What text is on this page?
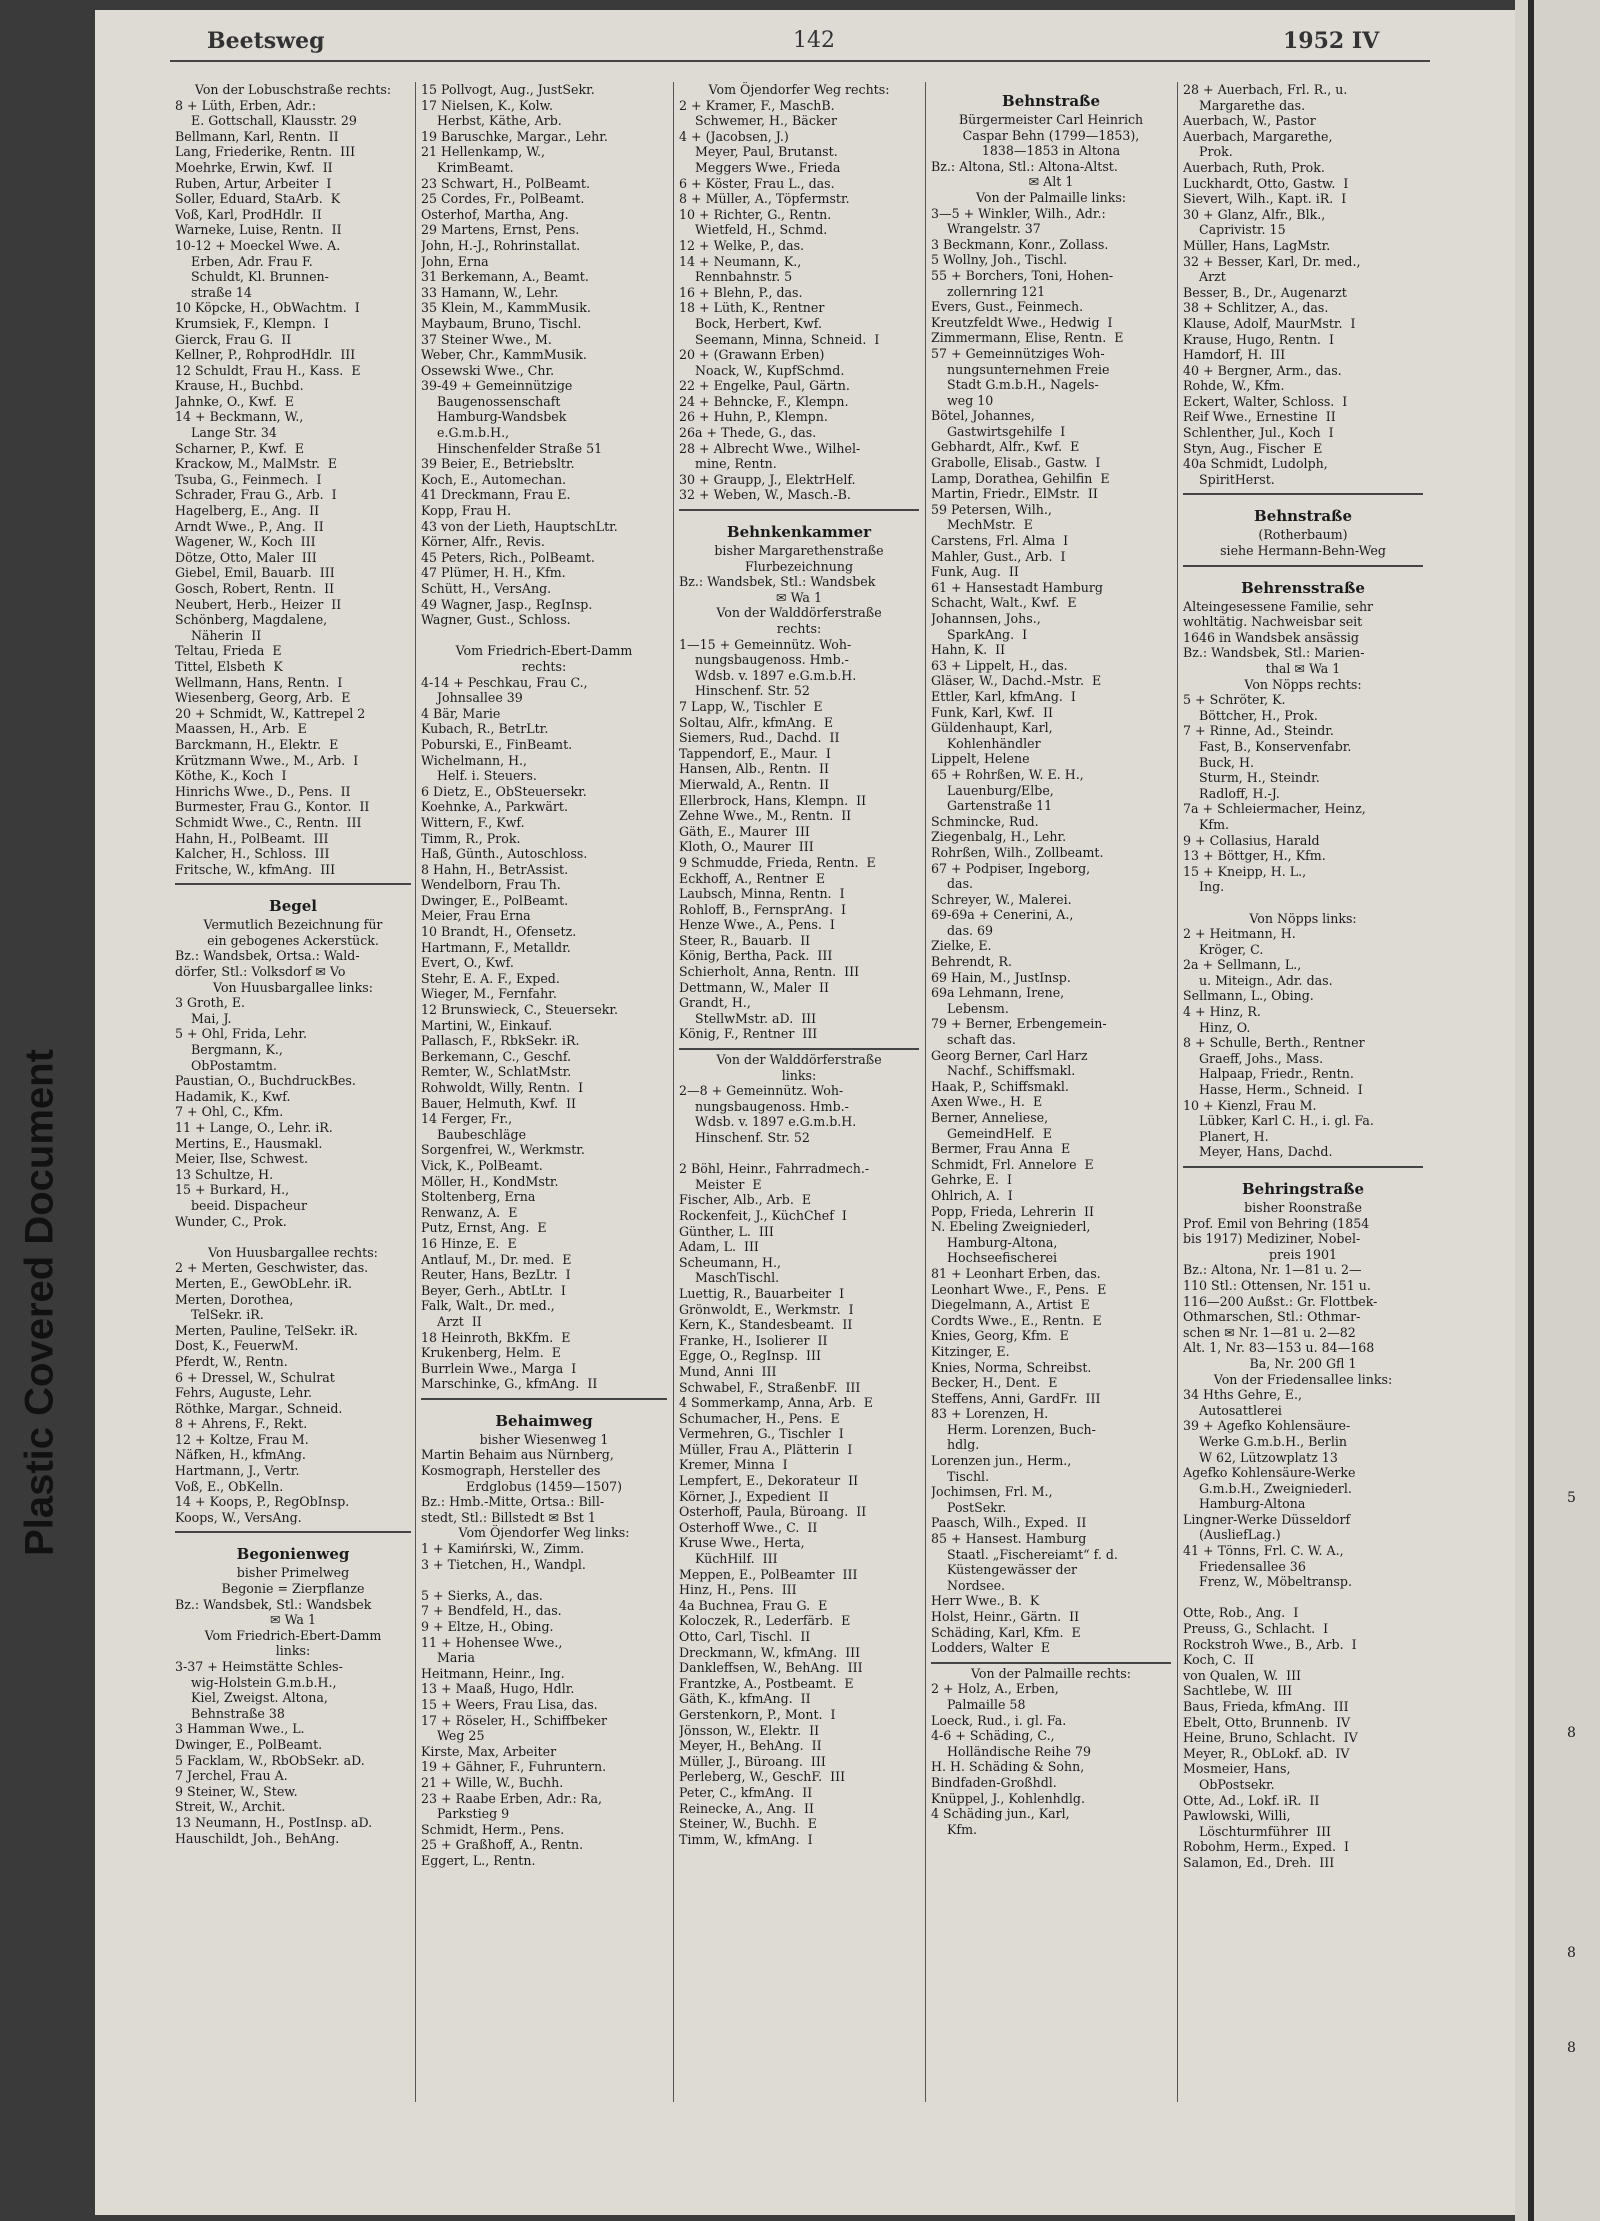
Plastic Covered Document
Beetsweg	142	1952 IV
Von der Lobuschstraße rechts:
8 + Lüth, Erben, Adr.:
E. Gottschall, Klausstr. 29
Bellmann, Karl, Rentn.  II
Lang, Friederike, Rentn.  III
Moehrke, Erwin, Kwf.  II
Ruben, Artur, Arbeiter  I
Soller, Eduard, StaArb.  K
Voß, Karl, ProdHdlr.  II
Warneke, Luise, Rentn.  II
10-12 + Moeckel Wwe. A.
Erben, Adr. Frau F.
Schuldt, Kl. Brunnen-
straße 14
10 Köpcke, H., ObWachtm.  I
Krumsiek, F., Klempn.  I
Gierck, Frau G.  II
Kellner, P., RohprodHdlr.  III
12 Schuldt, Frau H., Kass.  E
Krause, H., Buchbd.
Jahnke, O., Kwf.  E
14 + Beckmann, W.,
Lange Str. 34
Scharner, P., Kwf.  E
Krackow, M., MalMstr.  E
Tsuba, G., Feinmech.  I
Schrader, Frau G., Arb.  I
Hagelberg, E., Ang.  II
Arndt Wwe., P., Ang.  II
Wagener, W., Koch  III
Dötze, Otto, Maler  III
Giebel, Emil, Bauarb.  III
Gosch, Robert, Rentn.  II
Neubert, Herb., Heizer  II
Schönberg, Magdalene,
Näherin  II
Teltau, Frieda  E
Tittel, Elsbeth  K
Wellmann, Hans, Rentn.  I
Wiesenberg, Georg, Arb.  E
20 + Schmidt, W., Kattrepel 2
Maassen, H., Arb.  E
Barckmann, H., Elektr.  E
Krützmann Wwe., M., Arb.  I
Köthe, K., Koch  I
Hinrichs Wwe., D., Pens.  II
Burmester, Frau G., Kontor.  II
Schmidt Wwe., C., Rentn.  III
Hahn, H., PolBeamt.  III
Kalcher, H., Schloss.  III
Fritsche, W., kfmAng.  III
Begel
Vermutlich Bezeichnung für
ein gebogenes Ackerstück.
Bz.: Wandsbek, Ortsa.: Wald-
dörfer, Stl.: Volksdorf ✉ Vo
Von Huusbargallee links:
3 Groth, E.
Mai, J.
5 + Ohl, Frida, Lehr.
Bergmann, K.,
ObPostamtm.
Paustian, O., BuchdruckBes.
Hadamik, K., Kwf.
7 + Ohl, C., Kfm.
11 + Lange, O., Lehr. iR.
Mertins, E., Hausmakl.
Meier, Ilse, Schwest.
13 Schultze, H.
15 + Burkard, H.,
beeid. Dispacheur
Wunder, C., Prok.

Von Huusbargallee rechts:
2 + Merten, Geschwister, das.
Merten, E., GewObLehr. iR.
Merten, Dorothea,
TelSekr. iR.
Merten, Pauline, TelSekr. iR.
Dost, K., FeuerwM.
Pferdt, W., Rentn.
6 + Dressel, W., Schulrat
Fehrs, Auguste, Lehr.
Röthke, Margar., Schneid.
8 + Ahrens, F., Rekt.
12 + Koltze, Frau M.
Näfken, H., kfmAng.
Hartmann, J., Vertr.
Voß, E., ObKelln.
14 + Koops, P., RegObInsp.
Koops, W., VersAng.
Begonienweg
bisher Primelweg
Begonie = Zierpflanze
Bz.: Wandsbek, Stl.: Wandsbek
✉ Wa 1
Vom Friedrich-Ebert-Damm
links:
3-37 + Heimstätte Schles-
wig-Holstein G.m.b.H.,
Kiel, Zweigst. Altona,
Behnstraße 38
3 Hamman Wwe., L.
Dwinger, E., PolBeamt.
5 Facklam, W., RbObSekr. aD.
7 Jerchel, Frau A.
9 Steiner, W., Stew.
Streit, W., Archit.
13 Neumann, H., PostInsp. aD.
Hauschildt, Joh., BehAng.
15 Pollvogt, Aug., JustSekr.
17 Nielsen, K., Kolw.
Herbst, Käthe, Arb.
19 Baruschke, Margar., Lehr.
21 Hellenkamp, W.,
KrimBeamt.
23 Schwart, H., PolBeamt.
25 Cordes, Fr., PolBeamt.
Osterhof, Martha, Ang.
29 Martens, Ernst, Pens.
John, H.-J., Rohrinstallat.
John, Erna
31 Berkemann, A., Beamt.
33 Hamann, W., Lehr.
35 Klein, M., KammMusik.
Maybaum, Bruno, Tischl.
37 Steiner Wwe., M.
Weber, Chr., KammMusik.
Ossewski Wwe., Chr.
39-49 + Gemeinnützige
Baugenossenschaft
Hamburg-Wandsbek
e.G.m.b.H.,
Hinschenfelder Straße 51
39 Beier, E., Betriebsltr.
Koch, E., Automechan.
41 Dreckmann, Frau E.
Kopp, Frau H.
43 von der Lieth, HauptschLtr.
Körner, Alfr., Revis.
45 Peters, Rich., PolBeamt.
47 Plümer, H. H., Kfm.
Schütt, H., VersAng.
49 Wagner, Jasp., RegInsp.
Wagner, Gust., Schloss.

Vom Friedrich-Ebert-Damm
rechts:
4-14 + Peschkau, Frau C.,
Johnsallee 39
4 Bär, Marie
Kubach, R., BetrLtr.
Poburski, E., FinBeamt.
Wichelmann, H.,
Helf. i. Steuers.
6 Dietz, E., ObSteuersekr.
Koehnke, A., Parkwärt.
Wittern, F., Kwf.
Timm, R., Prok.
Haß, Günth., Autoschloss.
8 Hahn, H., BetrAssist.
Wendelborn, Frau Th.
Dwinger, E., PolBeamt.
Meier, Frau Erna
10 Brandt, H., Ofensetz.
Hartmann, F., Metalldr.
Evert, O., Kwf.
Stehr, E. A. F., Exped.
Wieger, M., Fernfahr.
12 Brunswieck, C., Steuersekr.
Martini, W., Einkauf.
Pallasch, F., RbkSekr. iR.
Berkemann, C., Geschf.
Remter, W., SchlatMstr.
Rohwoldt, Willy, Rentn.  I
Bauer, Helmuth, Kwf.  II
14 Ferger, Fr.,
Baubeschläge
Sorgenfrei, W., Werkmstr.
Vick, K., PolBeamt.
Möller, H., KondMstr.
Stoltenberg, Erna
Renwanz, A.  E
Putz, Ernst, Ang.  E
16 Hinze, E.  E
Antlauf, M., Dr. med.  E
Reuter, Hans, BezLtr.  I
Beyer, Gerh., AbtLtr.  I
Falk, Walt., Dr. med.,
Arzt  II
18 Heinroth, BkKfm.  E
Krukenberg, Helm.  E
Burrlein Wwe., Marga  I
Marschinke, G., kfmAng.  II
Behaimweg
bisher Wiesenweg 1
Martin Behaim aus Nürnberg,
Kosmograph, Hersteller des
Erdglobus (1459—1507)
Bz.: Hmb.-Mitte, Ortsa.: Bill-
stedt, Stl.: Billstedt ✉ Bst 1
Vom Öjendorfer Weg links:
1 + Kamińrski, W., Zimm.
3 + Tietchen, H., Wandpl.

5 + Sierks, A., das.
7 + Bendfeld, H., das.
9 + Eltze, H., Obing.
11 + Hohensee Wwe.,
Maria
Heitmann, Heinr., Ing.
13 + Maaß, Hugo, Hdlr.
15 + Weers, Frau Lisa, das.
17 + Röseler, H., Schiffbeker
Weg 25
Kirste, Max, Arbeiter
19 + Gähner, F., Fuhruntern.
21 + Wille, W., Buchh.
23 + Raabe Erben, Adr.: Ra,
Parkstieg 9
Schmidt, Herm., Pens.
25 + Graßhoff, A., Rentn.
Eggert, L., Rentn.
Vom Öjendorfer Weg rechts:
2 + Kramer, F., MaschB.
Schwemer, H., Bäcker
4 + (Jacobsen, J.)
Meyer, Paul, Brutanst.
Meggers Wwe., Frieda
6 + Köster, Frau L., das.
8 + Müller, A., Töpfermstr.
10 + Richter, G., Rentn.
Wietfeld, H., Schmd.
12 + Welke, P., das.
14 + Neumann, K.,
Rennbahnstr. 5
16 + Blehn, P., das.
18 + Lüth, K., Rentner
Bock, Herbert, Kwf.
Seemann, Minna, Schneid.  I
20 + (Grawann Erben)
Noack, W., KupfSchmd.
22 + Engelke, Paul, Gärtn.
24 + Behncke, F., Klempn.
26 + Huhn, P., Klempn.
26a + Thede, G., das.
28 + Albrecht Wwe., Wilhel-
mine, Rentn.
30 + Graupp, J., ElektrHelf.
32 + Weben, W., Masch.-B.
Behnkenkammer
bisher Margarethenstraße
Flurbezeichnung
Bz.: Wandsbek, Stl.: Wandsbek
✉ Wa 1
Von der Walddörferstraße
rechts:
1—15 + Gemeinnütz. Woh-
nungsbaugenoss. Hmb.-
Wdsb. v. 1897 e.G.m.b.H.
Hinschenf. Str. 52
7 Lapp, W., Tischler  E
Soltau, Alfr., kfmAng.  E
Siemers, Rud., Dachd.  II
Tappendorf, E., Maur.  I
Hansen, Alb., Rentn.  II
Mierwald, A., Rentn.  II
Ellerbrock, Hans, Klempn.  II
Zehne Wwe., M., Rentn.  II
Gäth, E., Maurer  III
Kloth, O., Maurer  III
9 Schmudde, Frieda, Rentn.  E
Eckhoff, A., Rentner  E
Laubsch, Minna, Rentn.  I
Rohloff, B., FernsprAng.  I
Henze Wwe., A., Pens.  I
Steer, R., Bauarb.  II
König, Bertha, Pack.  III
Schierholt, Anna, Rentn.  III
Dettmann, W., Maler  II
Grandt, H.,
StellwMstr. aD.  III
König, F., Rentner  III
Von der Walddörferstraße
links:
2—8 + Gemeinnütz. Woh-
nungsbaugenoss. Hmb.-
Wdsb. v. 1897 e.G.m.b.H.
Hinschenf. Str. 52

2 Böhl, Heinr., Fahrradmech.-
Meister  E
Fischer, Alb., Arb.  E
Rockenfeit, J., KüchChef  I
Günther, L.  III
Adam, L.  III
Scheumann, H.,
MaschTischl.
Luettig, R., Bauarbeiter  I
Grönwoldt, E., Werkmstr.  I
Kern, K., Standesbeamt.  II
Franke, H., Isolierer  II
Egge, O., RegInsp.  III
Mund, Anni  III
Schwabel, F., StraßenbF.  III
4 Sommerkamp, Anna, Arb.  E
Schumacher, H., Pens.  E
Vermehren, G., Tischler  I
Müller, Frau A., Plätterin  I
Kremer, Minna  I
Lempfert, E., Dekorateur  II
Körner, J., Expedient  II
Osterhoff, Paula, Büroang.  II
Osterhoff Wwe., C.  II
Kruse Wwe., Herta,
KüchHilf.  III
Meppen, E., PolBeamter  III
Hinz, H., Pens.  III
4a Buchnea, Frau G.  E
Koloczek, R., Lederfärb.  E
Otto, Carl, Tischl.  II
Dreckmann, W., kfmAng.  III
Dankleffsen, W., BehAng.  III
Frantzke, A., Postbeamt.  E
Gäth, K., kfmAng.  II
Gerstenkorn, P., Mont.  I
Jönsson, W., Elektr.  II
Meyer, H., BehAng.  II
Müller, J., Büroang.  III
Perleberg, W., GeschF.  III
Peter, C., kfmAng.  II
Reinecke, A., Ang.  II
Steiner, W., Buchh.  E
Timm, W., kfmAng.  I
Behnstraße
Bürgermeister Carl Heinrich
Caspar Behn (1799—1853),
1838—1853 in Altona
Bz.: Altona, Stl.: Altona-Altst.
✉ Alt 1
Von der Palmaille links:
3—5 + Winkler, Wilh., Adr.:
Wrangelstr. 37
3 Beckmann, Konr., Zollass.
5 Wollny, Joh., Tischl.
55 + Borchers, Toni, Hohen-
zollernring 121
Evers, Gust., Feinmech.
Kreutzfeldt Wwe., Hedwig  I
Zimmermann, Elise, Rentn.  E
57 + Gemeinnütziges Woh-
nungsunternehmen Freie
Stadt G.m.b.H., Nagels-
weg 10
Bötel, Johannes,
Gastwirtsgehilfe  I
Gebhardt, Alfr., Kwf.  E
Grabolle, Elisab., Gastw.  I
Lamp, Dorathea, Gehilfin  E
Martin, Friedr., ElMstr.  II
59 Petersen, Wilh.,
MechMstr.  E
Carstens, Frl. Alma  I
Mahler, Gust., Arb.  I
Funk, Aug.  II
61 + Hansestadt Hamburg
Schacht, Walt., Kwf.  E
Johannsen, Johs.,
SparkAng.  I
Hahn, K.  II
63 + Lippelt, H., das.
Gläser, W., Dachd.-Mstr.  E
Ettler, Karl, kfmAng.  I
Funk, Karl, Kwf.  II
Güldenhaupt, Karl,
Kohlenhändler
Lippelt, Helene
65 + Rohrßen, W. E. H.,
Lauenburg/Elbe,
Gartenstraße 11
Schmincke, Rud.
Ziegenbalg, H., Lehr.
Rohrßen, Wilh., Zollbeamt.
67 + Podpiser, Ingeborg,
das.
Schreyer, W., Malerei.
69-69a + Cenerini, A.,
das. 69
Zielke, E.
Behrendt, R.
69 Hain, M., JustInsp.
69a Lehmann, Irene,
Lebensm.
79 + Berner, Erbengemein-
schaft das.
Georg Berner, Carl Harz
Nachf., Schiffsmakl.
Haak, P., Schiffsmakl.
Axen Wwe., H.  E
Berner, Anneliese,
GemeindHelf.  E
Bermer, Frau Anna  E
Schmidt, Frl. Annelore  E
Gehrke, E.  I
Ohlrich, A.  I
Popp, Frieda, Lehrerin  II
N. Ebeling Zweigniederl,
Hamburg-Altona,
Hochseefischerei
81 + Leonhart Erben, das.
Leonhart Wwe., F., Pens.  E
Diegelmann, A., Artist  E
Cordts Wwe., E., Rentn.  E
Knies, Georg, Kfm.  E
Kitzinger, E.
Knies, Norma, Schreibst.
Becker, H., Dent.  E
Steffens, Anni, GardFr.  III
83 + Lorenzen, H.
Herm. Lorenzen, Buch-
hdlg.
Lorenzen jun., Herm.,
Tischl.
Jochimsen, Frl. M.,
PostSekr.
Paasch, Wilh., Exped.  II
85 + Hansest. Hamburg
Staatl. „Fischereiamt“ f. d.
Küstengewässer der
Nordsee.
Herr Wwe., B.  K
Holst, Heinr., Gärtn.  II
Schäding, Karl, Kfm.  E
Lodders, Walter  E
Von der Palmaille rechts:
2 + Holz, A., Erben,
Palmaille 58
Loeck, Rud., i. gl. Fa.
4-6 + Schäding, C.,
Holländische Reihe 79
H. H. Schäding & Sohn,
Bindfaden-Großhdl.
Knüppel, J., Kohlenhdlg.
4 Schäding jun., Karl,
Kfm.
28 + Auerbach, Frl. R., u.
Margarethe das.
Auerbach, W., Pastor
Auerbach, Margarethe,
Prok.
Auerbach, Ruth, Prok.
Luckhardt, Otto, Gastw.  I
Sievert, Wilh., Kapt. iR.  I
30 + Glanz, Alfr., Blk.,
Caprivistr. 15
Müller, Hans, LagMstr.
32 + Besser, Karl, Dr. med.,
Arzt
Besser, B., Dr., Augenarzt
38 + Schlitzer, A., das.
Klause, Adolf, MaurMstr.  I
Krause, Hugo, Rentn.  I
Hamdorf, H.  III
40 + Bergner, Arm., das.
Rohde, W., Kfm.
Eckert, Walter, Schloss.  I
Reif Wwe., Ernestine  II
Schlenther, Jul., Koch  I
Styn, Aug., Fischer  E
40a Schmidt, Ludolph,
SpiritHerst.
Behnstraße
(Rotherbaum)
siehe Hermann-Behn-Weg
Behrensstraße
Alteingesessene Familie, sehr
wohltätig. Nachweisbar seit
1646 in Wandsbek ansässig
Bz.: Wandsbek, Stl.: Marien-
thal ✉ Wa 1
Von Nöpps rechts:
5 + Schröter, K.
Böttcher, H., Prok.
7 + Rinne, Ad., Steindr.
Fast, B., Konservenfabr.
Buck, H.
Sturm, H., Steindr.
Radloff, H.-J.
7a + Schleiermacher, Heinz,
Kfm.
9 + Collasius, Harald
13 + Böttger, H., Kfm.
15 + Kneipp, H. L.,
Ing.

Von Nöpps links:
2 + Heitmann, H.
Kröger, C.
2a + Sellmann, L.,
u. Miteign., Adr. das.
Sellmann, L., Obing.
4 + Hinz, R.
Hinz, O.
8 + Schulle, Berth., Rentner
Graeff, Johs., Mass.
Halpaap, Friedr., Rentn.
Hasse, Herm., Schneid.  I
10 + Kienzl, Frau M.
Lübker, Karl C. H., i. gl. Fa.
Planert, H.
Meyer, Hans, Dachd.
Behringstraße
bisher Roonstraße
Prof. Emil von Behring (1854
bis 1917) Mediziner, Nobel-
preis 1901
Bz.: Altona, Nr. 1—81 u. 2—
110 Stl.: Ottensen, Nr. 151 u.
116—200 Außst.: Gr. Flottbek-
Othmarschen, Stl.: Othmar-
schen ✉ Nr. 1—81 u. 2—82
Alt. 1, Nr. 83—153 u. 84—168
Ba, Nr. 200 Gfl 1
Von der Friedensallee links:
34 Hths Gehre, E.,
Autosattlerei
39 + Agefko Kohlensäure-
Werke G.m.b.H., Berlin
W 62, Lützowplatz 13
Agefko Kohlensäure-Werke
G.m.b.H., Zweigniederl.
Hamburg-Altona
Lingner-Werke Düsseldorf
(AusliefLag.)
41 + Tönns, Frl. C. W. A.,
Friedensallee 36
Frenz, W., Möbeltransp.

Otte, Rob., Ang.  I
Preuss, G., Schlacht.  I
Rockstroh Wwe., B., Arb.  I
Koch, C.  II
von Qualen, W.  III
Sachtlebe, W.  III
Baus, Frieda, kfmAng.  III
Ebelt, Otto, Brunnenb.  IV
Heine, Bruno, Schlacht.  IV
Meyer, R., ObLokf. aD.  IV
Mosmeier, Hans,
ObPostsekr.
Otte, Ad., Lokf. iR.  II
Pawlowski, Willi,
Löschturmführer  III
Robohm, Herm., Exped.  I
Salamon, Ed., Dreh.  III
5
8
8
8
